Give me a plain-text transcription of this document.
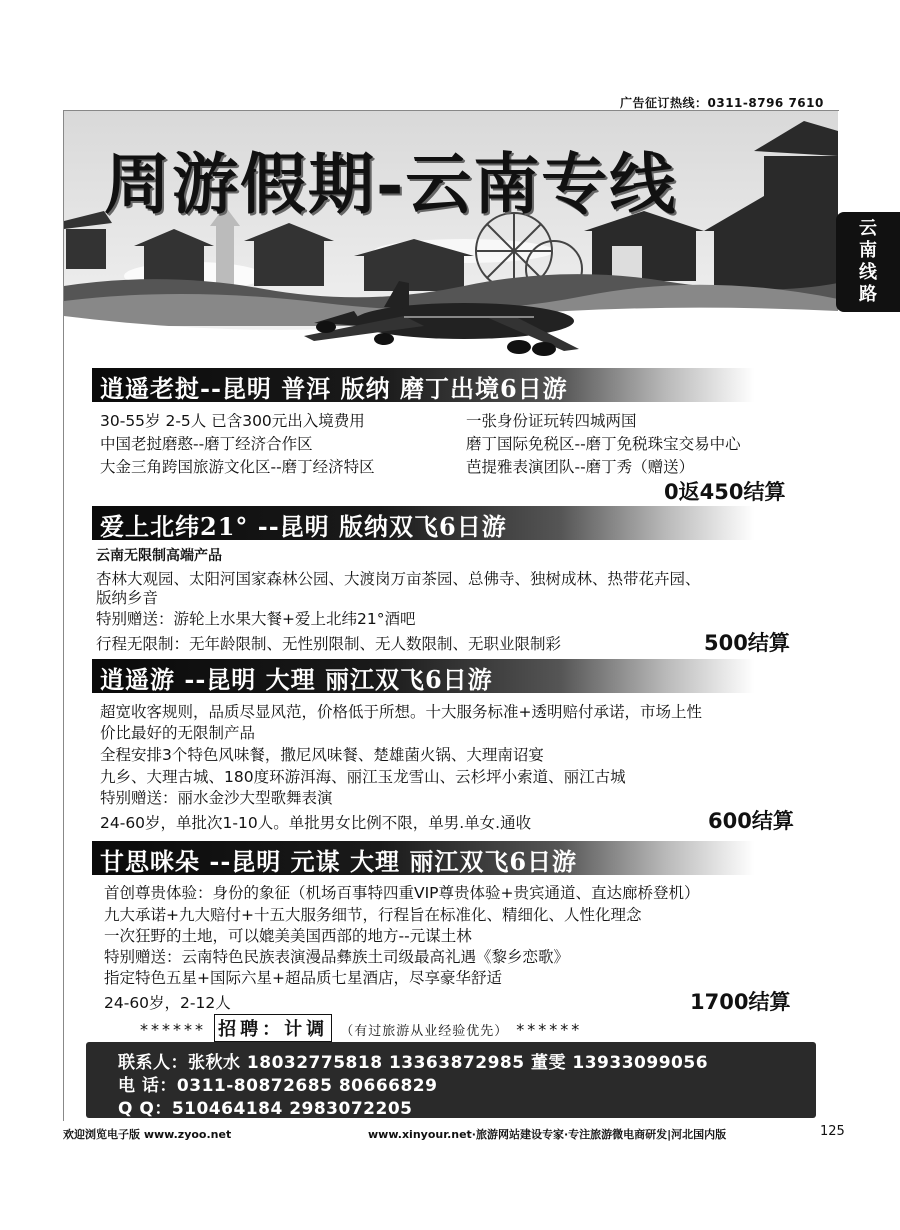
广告征订热线：0311-8796 7610
周游假期-云南专线
云
南
线
路
逍遥老挝--昆明 普洱 版纳 磨丁出境6日游
30-55岁 2-5人 已含300元出入境费用
中国老挝磨憨--磨丁经济合作区
大金三角跨国旅游文化区--磨丁经济特区
一张身份证玩转四城两国
磨丁国际免税区--磨丁免税珠宝交易中心
芭提雅表演团队--磨丁秀（赠送）
0返450结算
爱上北纬21° --昆明 版纳双飞6日游
云南无限制高端产品
杏林大观园、太阳河国家森林公园、大渡岗万亩茶园、总佛寺、独树成林、热带花卉园、
版纳乡音
特别赠送：游轮上水果大餐+爱上北纬21°酒吧
行程无限制：无年龄限制、无性别限制、无人数限制、无职业限制彩	500结算
逍遥游 --昆明 大理 丽江双飞6日游
超宽收客规则，品质尽显风范，价格低于所想。十大服务标准+透明赔付承诺，市场上性
价比最好的无限制产品
全程安排3个特色风味餐，撒尼风味餐、楚雄菌火锅、大理南诏宴
九乡、大理古城、180度环游洱海、丽江玉龙雪山、云杉坪小索道、丽江古城
特别赠送：丽水金沙大型歌舞表演
24-60岁，单批次1-10人。单批男女比例不限，单男.单女.通收	600结算
甘思咪朵 --昆明 元谋 大理 丽江双飞6日游
首创尊贵体验：身份的象征（机场百事特四重VIP尊贵体验+贵宾通道、直达廊桥登机）
九大承诺+九大赔付+十五大服务细节，行程旨在标准化、精细化、人性化理念
一次狂野的土地，可以媲美美国西部的地方--元谋土林
特别赠送：云南特色民族表演漫品彝族土司级最高礼遇《黎乡恋歌》
指定特色五星+国际六星+超品质七星酒店，尽享豪华舒适
24-60岁，2-12人	1700结算
****** 招聘：计调 （有过旅游从业经验优先） ******
联系人：张秋水 18032775818 13363872985 董雯 13933099056
电 话：0311-80872685 80666829
Q Q：510464184 2983072205
欢迎浏览电子版 www.zyoo.net	www.xinyour.net·旅游网站建设专家·专注旅游微电商研发|河北国内版	125
